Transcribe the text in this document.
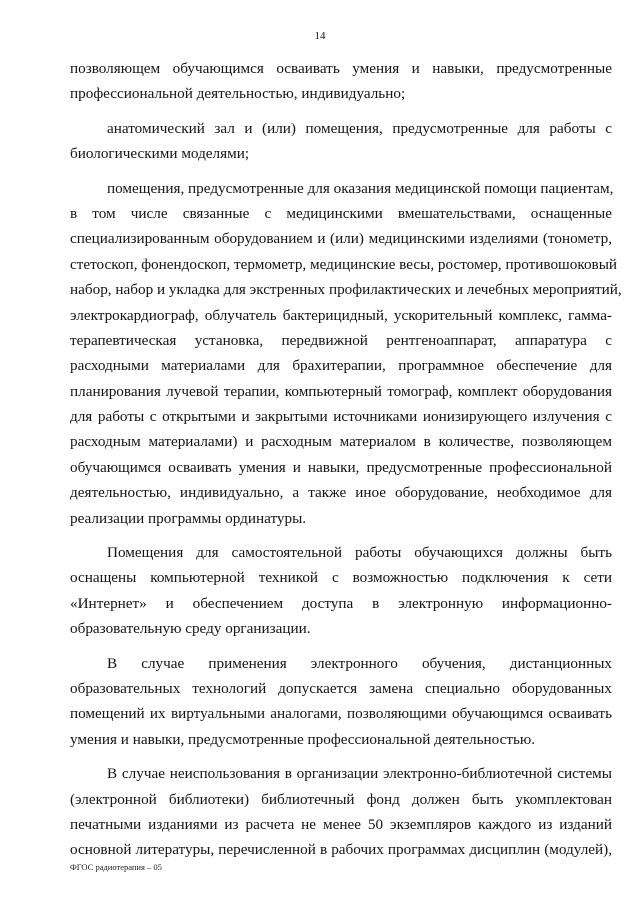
14
позволяющем обучающимся осваивать умения и навыки, предусмотренные
профессиональной деятельностью, индивидуально;
анатомический зал и (или) помещения, предусмотренные для работы с
биологическими моделями;
помещения, предусмотренные для оказания медицинской помощи пациентам,
в том числе связанные с медицинскими вмешательствами, оснащенные
специализированным оборудованием и (или) медицинскими изделиями (тонометр,
стетоскоп, фонендоскоп, термометр, медицинские весы, ростомер, противошоковый
набор, набор и укладка для экстренных профилактических и лечебных мероприятий,
электрокардиограф, облучатель бактерицидный, ускорительный комплекс, гамма-
терапевтическая установка, передвижной рентгеноаппарат, аппаратура с
расходными материалами для брахитерапии, программное обеспечение для
планирования лучевой терапии, компьютерный томограф, комплект оборудования
для работы с открытыми и закрытыми источниками ионизирующего излучения с
расходным материалами) и расходным материалом в количестве, позволяющем
обучающимся осваивать умения и навыки, предусмотренные профессиональной
деятельностью, индивидуально, а также иное оборудование, необходимое для
реализации программы ординатуры.
Помещения для самостоятельной работы обучающихся должны быть
оснащены компьютерной техникой с возможностью подключения к сети
«Интернет» и обеспечением доступа в электронную информационно-
образовательную среду организации.
В случае применения электронного обучения, дистанционных
образовательных технологий допускается замена специально оборудованных
помещений их виртуальными аналогами, позволяющими обучающимся осваивать
умения и навыки, предусмотренные профессиональной деятельностью.
В случае неиспользования в организации электронно-библиотечной системы
(электронной библиотеки) библиотечный фонд должен быть укомплектован
печатными изданиями из расчета не менее 50 экземпляров каждого из изданий
основной литературы, перечисленной в рабочих программах дисциплин (модулей),
ФГОС радиотерапия – 05
